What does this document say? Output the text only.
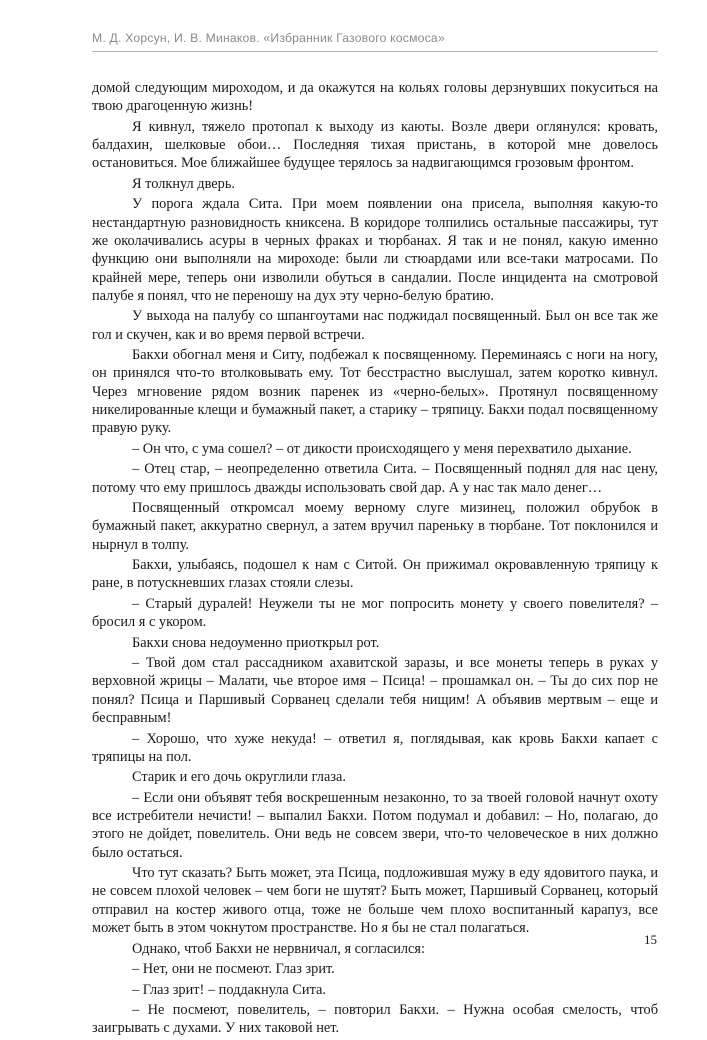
М. Д. Хорсун, И. В. Минаков. «Избранник Газового космоса»

домой следующим мироходом, и да окажутся на кольях головы дерзнувших покуситься на твою драгоценную жизнь!

Я кивнул, тяжело протопал к выходу из каюты. Возле двери оглянулся: кровать, балдахин, шелковые обои… Последняя тихая пристань, в которой мне довелось остановиться. Мое ближайшее будущее терялось за надвигающимся грозовым фронтом.

Я толкнул дверь.

У порога ждала Сита. При моем появлении она присела, выполняя какую-то нестандартную разновидность книксена. В коридоре толпились остальные пассажиры, тут же околачивались асуры в черных фраках и тюрбанах. Я так и не понял, какую именно функцию они выполняли на мироходе: были ли стюардами или все-таки матросами. По крайней мере, теперь они изволили обуться в сандалии. После инцидента на смотровой палубе я понял, что не переношу на дух эту черно-белую братию.

У выхода на палубу со шпангоутами нас поджидал посвященный. Был он все так же гол и скучен, как и во время первой встречи.

Бакхи обогнал меня и Ситу, подбежал к посвященному. Переминаясь с ноги на ногу, он принялся что-то втолковывать ему. Тот бесстрастно выслушал, затем коротко кивнул. Через мгновение рядом возник паренек из «черно-белых». Протянул посвященному никелированные клещи и бумажный пакет, а старику – тряпицу. Бакхи подал посвященному правую руку.

– Он что, с ума сошел? – от дикости происходящего у меня перехватило дыхание.

– Отец стар, – неопределенно ответила Сита. – Посвященный поднял для нас цену, потому что ему пришлось дважды использовать свой дар. А у нас так мало денег…

Посвященный откромсал моему верному слуге мизинец, положил обрубок в бумажный пакет, аккуратно свернул, а затем вручил пареньку в тюрбане. Тот поклонился и нырнул в толпу.

Бакхи, улыбаясь, подошел к нам с Ситой. Он прижимал окровавленную тряпицу к ране, в потускневших глазах стояли слезы.

– Старый дуралей! Неужели ты не мог попросить монету у своего повелителя? – бросил я с укором.

Бакхи снова недоуменно приоткрыл рот.

– Твой дом стал рассадником ахавитской заразы, и все монеты теперь в руках у верховной жрицы – Малати, чье второе имя – Псица! – прошамкал он. – Ты до сих пор не понял? Псица и Паршивый Сорванец сделали тебя нищим! А объявив мертвым – еще и бесправным!

– Хорошо, что хуже некуда! – ответил я, поглядывая, как кровь Бакхи капает с тряпицы на пол.

Старик и его дочь округлили глаза.

– Если они объявят тебя воскрешенным незаконно, то за твоей головой начнут охоту все истребители нечисти! – выпалил Бакхи. Потом подумал и добавил: – Но, полагаю, до этого не дойдет, повелитель. Они ведь не совсем звери, что-то человеческое в них должно было остаться.

Что тут сказать? Быть может, эта Псица, подложившая мужу в еду ядовитого паука, и не совсем плохой человек – чем боги не шутят? Быть может, Паршивый Сорванец, который отправил на костер живого отца, тоже не больше чем плохо воспитанный карапуз, все может быть в этом чокнутом пространстве. Но я бы не стал полагаться.

Однако, чтоб Бакхи не нервничал, я согласился:

– Нет, они не посмеют. Глаз зрит.

– Глаз зрит! – поддакнула Сита.

– Не посмеют, повелитель, – повторил Бакхи. – Нужна особая смелость, чтоб заигрывать с духами. У них таковой нет.

15
